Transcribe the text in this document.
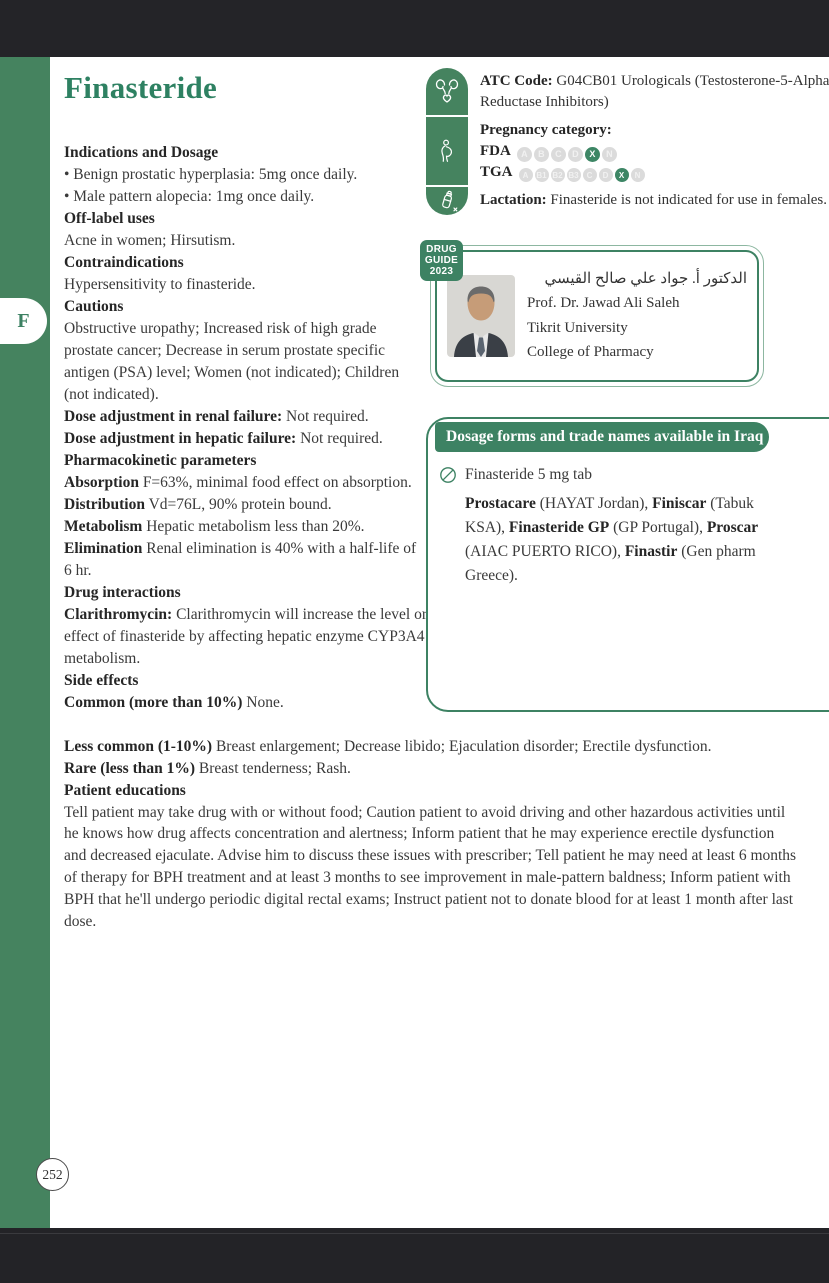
F
Finasteride

Indications and Dosage

• Benign prostatic hyperplasia: 5mg once daily.

• Male pattern alopecia: 1mg once daily.

Off-label uses

Acne in women; Hirsutism.

Contraindications

Hypersensitivity to finasteride.

Cautions

Obstructive uropathy; Increased risk of high grade prostate cancer; Decrease in serum prostate specific antigen (PSA) level; Women (not indicated); Children (not indicated).

Dose adjustment in renal failure: Not required.

Dose adjustment in hepatic failure: Not required.

Pharmacokinetic parameters

Absorption F=63%, minimal food effect on absorption.

Distribution Vd=76L, 90% protein bound.

Metabolism Hepatic metabolism less than 20%.

Elimination Renal elimination is 40% with a half-life of 6 hr.

Drug interactions

Clarithromycin: Clarithromycin will increase the level or effect of finasteride by affecting hepatic enzyme CYP3A4 metabolism.

Side effects

Common (more than 10%) None.

ATC Code: G04CB01 Urologicals (Testosterone-5-Alpha Reductase Inhibitors)
Pregnancy category:
FDA A B C D X N
TGA A B1 B2 B3 C D X N
Lactation: Finasteride is not indicated for use in females.
DRUG
GUIDE
2023	الدكتور أ. جواد علي صالح القيسي

Prof. Dr. Jawad Ali Saleh

Tikrit University

College of Pharmacy

Dosage forms and trade names available in Iraq
Finasteride 5 mg tab
Prostacare (HAYAT Jordan), Finiscar (Tabuk KSA), Finasteride GP (GP Portugal), Proscar (AIAC PUERTO RICO), Finastir (Gen pharm Greece).

Less common (1-10%) Breast enlargement; Decrease libido; Ejaculation disorder; Erectile dysfunction.

Rare (less than 1%) Breast tenderness; Rash.

Patient educations

Tell patient may take drug with or without food; Caution patient to avoid driving and other hazardous activities until he knows how drug affects concentration and alertness; Inform patient that he may experience erectile dysfunction and decreased ejaculate. Advise him to discuss these issues with prescriber; Tell patient he may need at least 6 months of therapy for BPH treatment and at least 3 months to see improvement in male-pattern baldness; Inform patient with BPH that he'll undergo periodic digital rectal exams; Instruct patient not to donate blood for at least 1 month after last dose.

252
